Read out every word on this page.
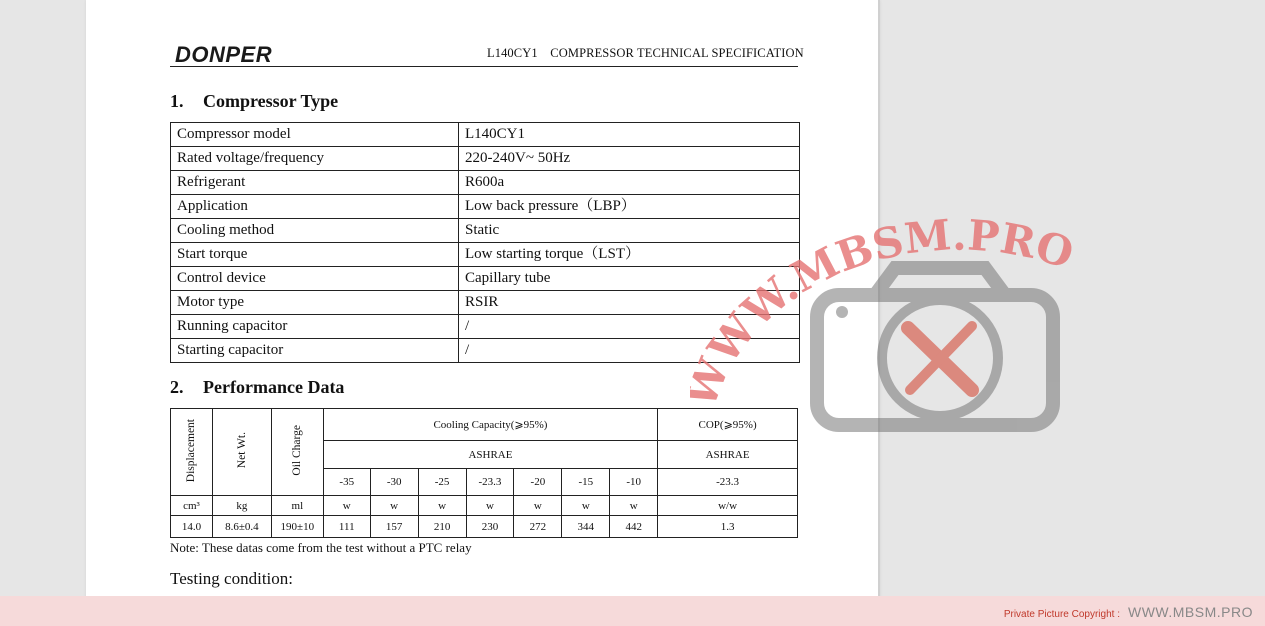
DONPER	L140CY1 COMPRESSOR TECHNICAL SPECIFICATION
1. Compressor Type
Compressor model	L140CY1
Rated voltage/frequency	220-240V~ 50Hz
Refrigerant	R600a
Application	Low back pressure（LBP）
Cooling method	Static
Start torque	Low starting torque（LST）
Control device	Capillary tube
Motor type	RSIR
Running capacitor	/
Starting capacitor	/
2. Performance Data
Displacement	Net Wt.	Oil Charge	Cooling Capacity(⩾95%)							COP(⩾95%)
			ASHRAE							ASHRAE
			-35	-30	-25	-23.3	-20	-15	-10	-23.3
cm³	kg	ml	w	w	w	w	w	w	w	w/w
14.0	8.6±0.4	190±10	111	157	210	230	272	344	442	1.3
Note: These datas come from the test without a PTC relay
Testing condition:
WW.MBSM.PRO
Private Picture Copyright : WWW.MBSM.PRO
